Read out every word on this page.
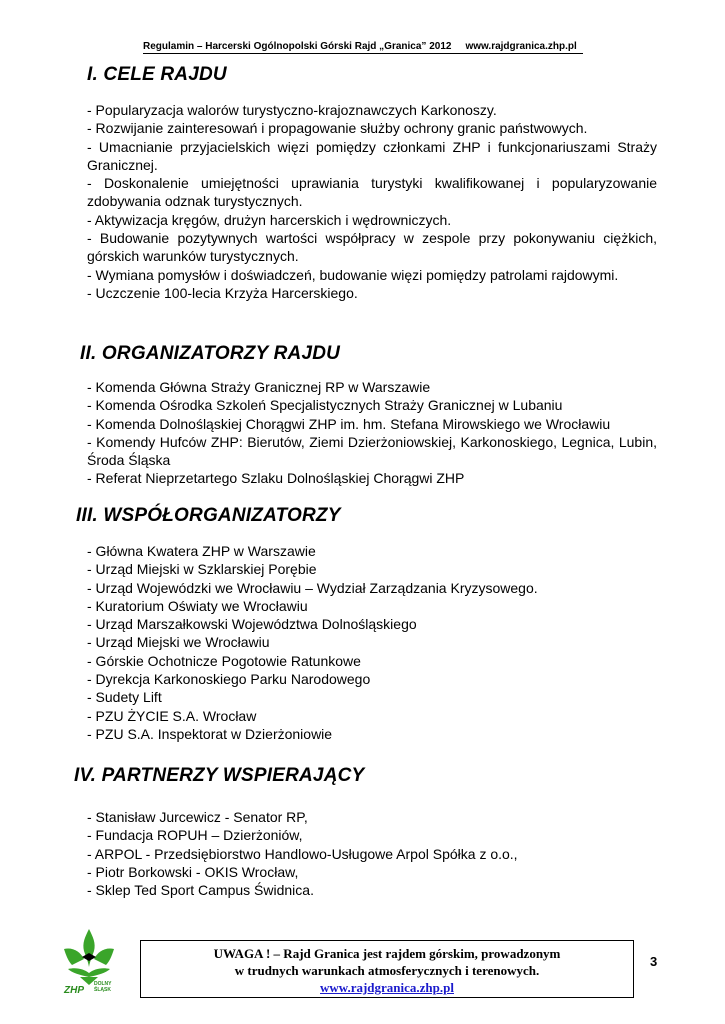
Regulamin – Harcerski Ogólnopolski Górski Rajd „Granica” 2012 www.rajdgranica.zhp.pl
I. CELE RAJDU
- Popularyzacja walorów turystyczno-krajoznawczych Karkonoszy.
- Rozwijanie zainteresowań i propagowanie służby ochrony granic państwowych.
- Umacnianie przyjacielskich więzi pomiędzy członkami ZHP i funkcjonariuszami Straży Granicznej.
- Doskonalenie umiejętności uprawiania turystyki kwalifikowanej i popularyzowanie zdobywania odznak turystycznych.
- Aktywizacja kręgów, drużyn harcerskich i wędrowniczych.
- Budowanie pozytywnych wartości współpracy w zespole przy pokonywaniu ciężkich, górskich warunków turystycznych.
- Wymiana pomysłów i doświadczeń, budowanie więzi pomiędzy patrolami rajdowymi.
- Uczczenie 100-lecia Krzyża Harcerskiego.
II. ORGANIZATORZY RAJDU
- Komenda Główna Straży Granicznej RP w Warszawie
- Komenda Ośrodka Szkoleń Specjalistycznych Straży Granicznej w Lubaniu
- Komenda Dolnośląskiej Chorągwi ZHP im. hm. Stefana Mirowskiego we Wrocławiu
- Komendy Hufców ZHP: Bierutów, Ziemi Dzierżoniowskiej, Karkonoskiego, Legnica, Lubin, Środa Śląska
- Referat Nieprzetartego Szlaku Dolnośląskiej Chorągwi ZHP
III. WSPÓŁORGANIZATORZY
- Główna Kwatera ZHP w Warszawie
- Urząd Miejski w Szklarskiej Porębie
- Urząd Wojewódzki we Wrocławiu – Wydział Zarządzania Kryzysowego.
- Kuratorium Oświaty we Wrocławiu
- Urząd Marszałkowski Województwa Dolnośląskiego
- Urząd Miejski we Wrocławiu
- Górskie Ochotnicze Pogotowie Ratunkowe
- Dyrekcja Karkonoskiego Parku Narodowego
- Sudety Lift
- PZU ŻYCIE S.A. Wrocław
- PZU S.A. Inspektorat w Dzierżoniowie
IV. PARTNERZY WSPIERAJĄCY
- Stanisław Jurcewicz - Senator RP,
- Fundacja ROPUH – Dzierżoniów,
- ARPOL - Przedsiębiorstwo Handlowo-Usługowe Arpol Spółka z o.o.,
- Piotr Borkowski - OKIS Wrocław,
- Sklep Ted Sport Campus Świdnica.
ZHP
DOLNY
ŚLĄSK
UWAGA ! – Rajd Granica jest rajdem górskim, prowadzonym
w trudnych warunkach atmosferycznych i terenowych.
www.rajdgranica.zhp.pl
3
